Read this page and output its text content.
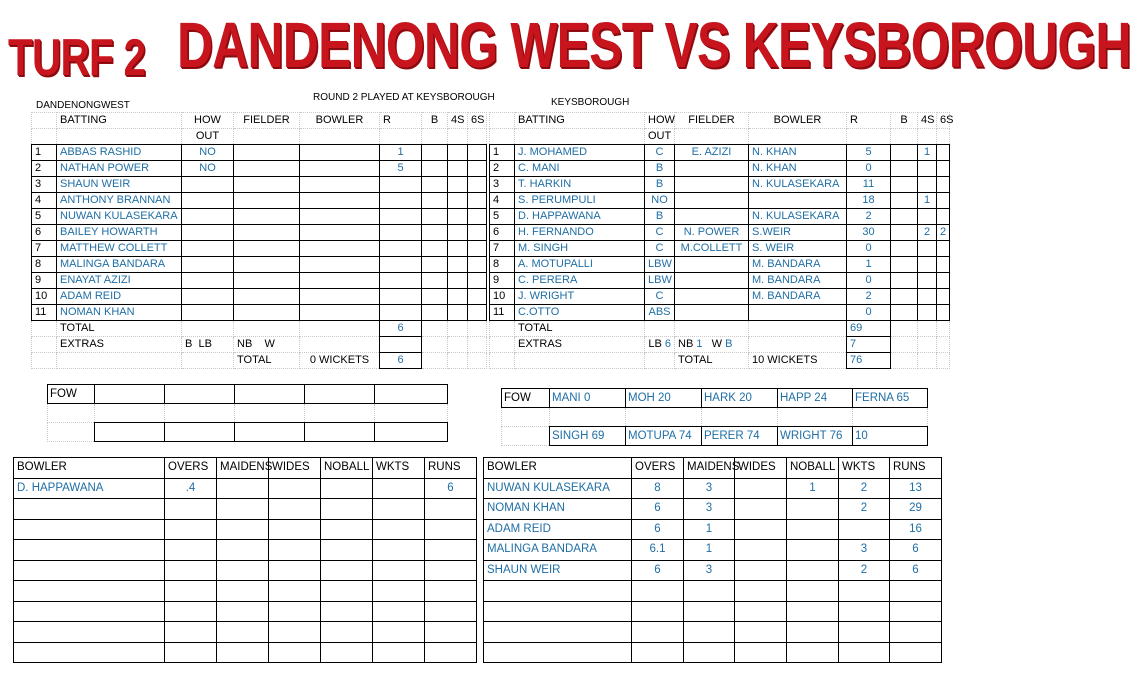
TURF 2 DANDENONG WEST VS KEYSBOROUGH
ROUND 2 PLAYED AT KEYSBOROUGH
DANDENONGWEST	KEYSBOROUGH
	BATTING	HOW	FIELDER	BOWLER	R	B	4S	6S
		OUT						
1	ABBAS RASHID	NO			1			
2	NATHAN POWER	NO			5			
3	SHAUN WEIR							
4	ANTHONY BRANNAN							
5	NUWAN KULASEKARA							
6	BAILEY HOWARTH							
7	MATTHEW COLLETT							
8	MALINGA BANDARA							
9	ENAYAT AZIZI							
10	ADAM REID							
11	NOMAN KHAN							
	TOTAL				6			
	EXTRAS	B LB	NB W					
			TOTAL	0 WICKETS	6			
	BATTING	HOW	FIELDER	BOWLER	R	B	4S	6S
		OUT						
1	J. MOHAMED	C	E. AZIZI	N. KHAN	5		1	
2	C. MANI	B		N. KHAN	0			
3	T. HARKIN	B		N. KULASEKARA	11			
4	S. PERUMPULI	NO			18		1	
5	D. HAPPAWANA	B		N. KULASEKARA	2			
6	H. FERNANDO	C	N. POWER	S.WEIR	30		2	2
7	M. SINGH	C	M.COLLETT	S. WEIR	0			
8	A. MOTUPALLI	LBW		M. BANDARA	1			
9	C. PERERA	LBW		M. BANDARA	0			
10	J. WRIGHT	C		M. BANDARA	2			
11	C.OTTO	ABS			0			
	TOTAL				69			
	EXTRAS	LB 6	NB 1 W B		7			
			TOTAL	10 WICKETS	76			
FOW					

						FOW	MANI 0	MOH 20	HARK 20	HAPP 24	FERNA 65

	SINGH 69	MOTUPA 74	PERER 74	WRIGHT 76	10
BOWLER	OVERS	MAIDENS	WIDES	NOBALL	WKTS	RUNS
D. HAPPAWANA	.4					6

BOWLER	OVERS	MAIDENS	WIDES	NOBALL	WKTS	RUNS
NUWAN KULASEKARA	8	3		1	2	13
NOMAN KHAN	6	3			2	29
ADAM REID	6	1				16
MALINGA BANDARA	6.1	1			3	6
SHAUN WEIR	6	3			2	6
